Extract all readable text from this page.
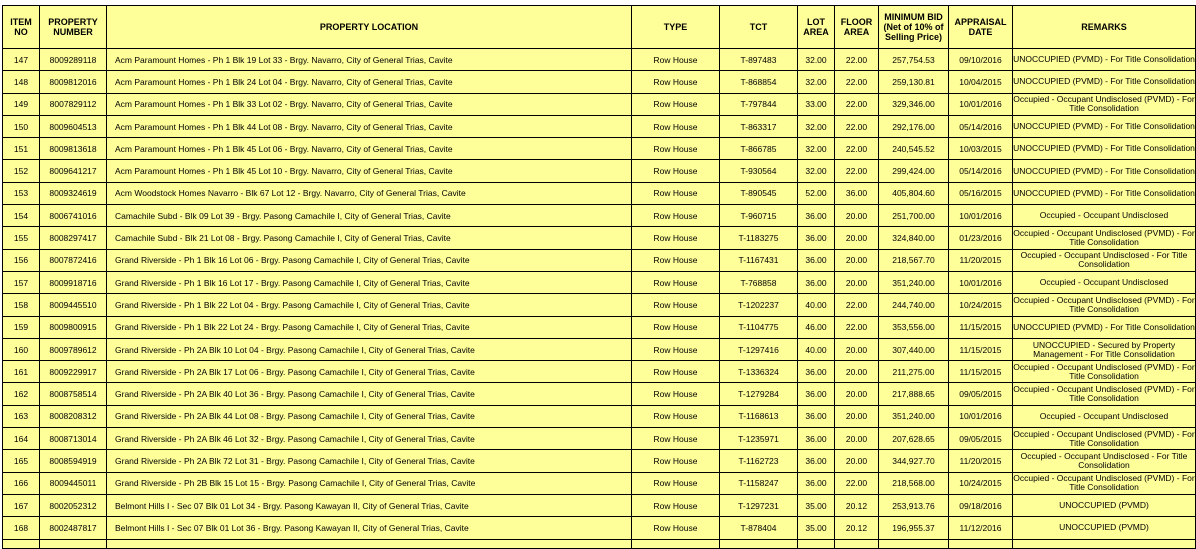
ITEM NO	PROPERTY NUMBER	PROPERTY LOCATION	TYPE	TCT	LOT AREA	FLOOR AREA	MINIMUM BID (Net of 10% of Selling Price)	APPRAISAL DATE	REMARKS
147	8009289118	Acm Paramount Homes - Ph 1 Blk 19 Lot 33 - Brgy. Navarro, City of General Trias, Cavite	Row House	T-897483	32.00	22.00	257,754.53	09/10/2016	UNOCCUPIED (PVMD) - For Title Consolidation
148	8009812016	Acm Paramount Homes - Ph 1 Blk 24 Lot 04 - Brgy. Navarro, City of General Trias, Cavite	Row House	T-868854	32.00	22.00	259,130.81	10/04/2015	UNOCCUPIED (PVMD) - For Title Consolidation
149	8007829112	Acm Paramount Homes - Ph 1 Blk 33 Lot 02 - Brgy. Navarro, City of General Trias, Cavite	Row House	T-797844	33.00	22.00	329,346.00	10/01/2016	Occupied - Occupant Undisclosed (PVMD) - For Title Consolidation
150	8009604513	Acm Paramount Homes - Ph 1 Blk 44 Lot 08 - Brgy. Navarro, City of General Trias, Cavite	Row House	T-863317	32.00	22.00	292,176.00	05/14/2016	UNOCCUPIED (PVMD) - For Title Consolidation
151	8009813618	Acm Paramount Homes - Ph 1 Blk 45 Lot 06 - Brgy. Navarro, City of General Trias, Cavite	Row House	T-866785	32.00	22.00	240,545.52	10/03/2015	UNOCCUPIED (PVMD) - For Title Consolidation
152	8009641217	Acm Paramount Homes - Ph 1 Blk 45 Lot 10 - Brgy. Navarro, City of General Trias, Cavite	Row House	T-930564	32.00	22.00	299,424.00	05/14/2016	UNOCCUPIED (PVMD) - For Title Consolidation
153	8009324619	Acm Woodstock Homes Navarro - Blk 67 Lot 12 - Brgy. Navarro, City of General Trias, Cavite	Row House	T-890545	52.00	36.00	405,804.60	05/16/2015	UNOCCUPIED (PVMD) - For Title Consolidation
154	8006741016	Camachile Subd - Blk 09 Lot 39 - Brgy. Pasong Camachile I, City of General Trias, Cavite	Row House	T-960715	36.00	20.00	251,700.00	10/01/2016	Occupied - Occupant Undisclosed
155	8008297417	Camachile Subd - Blk 21 Lot 08 - Brgy. Pasong Camachile I, City of General Trias, Cavite	Row House	T-1183275	36.00	20.00	324,840.00	01/23/2016	Occupied - Occupant Undisclosed (PVMD) - For Title Consolidation
156	8007872416	Grand Riverside - Ph 1 Blk 16 Lot 06 - Brgy. Pasong Camachile I, City of General Trias, Cavite	Row House	T-1167431	36.00	20.00	218,567.70	11/20/2015	Occupied - Occupant Undisclosed - For Title Consolidation
157	8009918716	Grand Riverside - Ph 1 Blk 16 Lot 17 - Brgy. Pasong Camachile I, City of General Trias, Cavite	Row House	T-768858	36.00	20.00	351,240.00	10/01/2016	Occupied - Occupant Undisclosed
158	8009445510	Grand Riverside - Ph 1 Blk 22 Lot 04 - Brgy. Pasong Camachile I, City of General Trias, Cavite	Row House	T-1202237	40.00	22.00	244,740.00	10/24/2015	Occupied - Occupant Undisclosed (PVMD) - For Title Consolidation
159	8009800915	Grand Riverside - Ph 1 Blk 22 Lot 24 - Brgy. Pasong Camachile I, City of General Trias, Cavite	Row House	T-1104775	46.00	22.00	353,556.00	11/15/2015	UNOCCUPIED (PVMD) - For Title Consolidation
160	8009789612	Grand Riverside - Ph 2A Blk 10 Lot 04 - Brgy. Pasong Camachile I, City of General Trias, Cavite	Row House	T-1297416	40.00	20.00	307,440.00	11/15/2015	UNOCCUPIED - Secured by Property Management - For Title Consolidation
161	8009229917	Grand Riverside - Ph 2A Blk 17 Lot 06 - Brgy. Pasong Camachile I, City of General Trias, Cavite	Row House	T-1336324	36.00	20.00	211,275.00	11/15/2015	Occupied - Occupant Undisclosed (PVMD) - For Title Consolidation
162	8008758514	Grand Riverside - Ph 2A Blk 40 Lot 36 - Brgy. Pasong Camachile I, City of General Trias, Cavite	Row House	T-1279284	36.00	20.00	217,888.65	09/05/2015	Occupied - Occupant Undisclosed (PVMD) - For Title Consolidation
163	8008208312	Grand Riverside - Ph 2A Blk 44 Lot 08 - Brgy. Pasong Camachile I, City of General Trias, Cavite	Row House	T-1168613	36.00	20.00	351,240.00	10/01/2016	Occupied - Occupant Undisclosed
164	8008713014	Grand Riverside - Ph 2A Blk 46 Lot 32 - Brgy. Pasong Camachile I, City of General Trias, Cavite	Row House	T-1235971	36.00	20.00	207,628.65	09/05/2015	Occupied - Occupant Undisclosed (PVMD) - For Title Consolidation
165	8008594919	Grand Riverside - Ph 2A Blk 72 Lot 31 - Brgy. Pasong Camachile I, City of General Trias, Cavite	Row House	T-1162723	36.00	20.00	344,927.70	11/20/2015	Occupied - Occupant Undisclosed - For Title Consolidation
166	8009445011	Grand Riverside - Ph 2B Blk 15 Lot 15 - Brgy. Pasong Camachile I, City of General Trias, Cavite	Row House	T-1158247	36.00	22.00	218,568.00	10/24/2015	Occupied - Occupant Undisclosed (PVMD) - For Title Consolidation
167	8002052312	Belmont Hills I - Sec 07 Blk 01 Lot 34 - Brgy. Pasong Kawayan II, City of General Trias, Cavite	Row House	T-1297231	35.00	20.12	253,913.76	09/18/2016	UNOCCUPIED (PVMD)
168	8002487817	Belmont Hills I - Sec 07 Blk 01 Lot 36 - Brgy. Pasong Kawayan II, City of General Trias, Cavite	Row House	T-878404	35.00	20.12	196,955.37	11/12/2016	UNOCCUPIED (PVMD)
